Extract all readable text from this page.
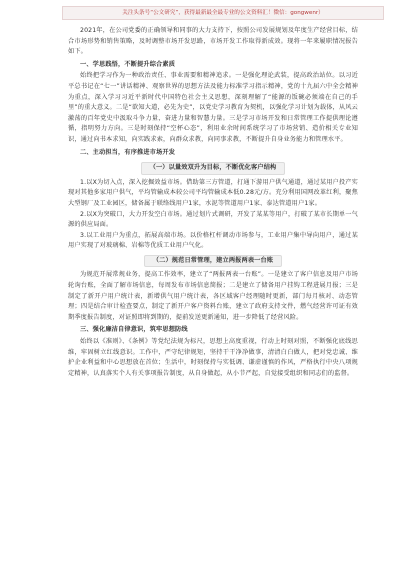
关注头条号“公文研究”，获得最新最全最专业的公文资料汇！微信：gongwenr）

2021年，在公司党委的正确领导和同事的大力支持下，按照公司发展规划及年度生产经营目标，结合市场形势和销售策略，及时调整市场开发思路，市场开发工作取得新成效。现将一年来履职情况报告如下。

一、学思践悟，不断提升综合素质

始终把学习作为一种政治责任、事业需要和精神追求。一是强化理论武装，提高政治站位。以习近平总书记在“七一”讲话精神、观察世界的思想方法及能力标准学习指示精神，党的十九届六中全会精神为重点，深入学习习近平新时代中国特色社会主义思想，深刻理解了“能源的饭碗必须端在自己的手里”的重大意义。二是“欲知大道，必先为史”，以党史学习教育为契机，以强化学习计划为载体，从风云激荡的百年党史中汲取斗争力量，奋进力量和智慧力量。三是学习市场开发和日常管理工作提供理论遵循，指明努力方向。三是时刻保持“空杯心态”，利用业余时间系统学习了市场营销、造价相关专业知识，通过向书本求知，向实践求索，向群众求教，向同事求教，不断提升自身业务能力和管理水平。

二、主动担当，有序推进市场开发

（一）以量效双升为目标，不断优化客户结构

1.以X为切入点，深入挖掘效益市场。借助第三方管道，打通下游用户供气通道，通过某用户投产实现对其他多家用户供气，平均管输成本较公司平均管输成本低0.28元/方。充分利用国网改革红利，聚焦大型钢厂及工业园区，储备属于联络线用户1家，水泥等管道用户1家、泰达管道用户1家。

2.以X为突破口，大力开发空白市场。通过划片式调研，开发了某某等用户，打破了某市长期单一气源的供应局面。

3.以工业用户为重点，拓展高端市场。以价格杠杆调动市场参与，工业用户集中导向用户，通过某用户实现了对玻璃棉、岩棉等优质工业用户气化。

（二）规范日常管理，建立两报两表一台账

为规范开展常规业务，提高工作效率，建立了“两报两表一台账”。一是建立了客户信息及用户市场轮询台账，全面了解市场信息，每周发布市场信息简报；二是建立了储备用户挂钩工程进展月报；三是制定了新开户用户统计表，新增供气用户统计表，各区域客户经理随时更新，部门每月核对、动态管理；四是结合审计检查要点，制定了新开户客户资料台账，建立了政府支持文件，燃气经营许可证有效期季度报告制度，对证照即将到期的，提前发送更新通知，进一步降低了经营风险。

三、强化廉洁自律意识，筑牢思想防线

始终以《准则》、《条例》等党纪法规为标尺，思想上高度重视，行动上时刻对照，不断强化底线思维，牢固树立红线意识。工作中，严守纪律规矩，坚持干干净净做事，清清白白做人，把对党忠诚、维护企业利益和中心思想放在首位；生活中，时刻保持与实低调、谦虚谨慎的作风，严格执行中央八项规定精神，认真落实个人有关事项报告制度，从自身做起，从小节严起，自觉接受组织和同志们的监督。
